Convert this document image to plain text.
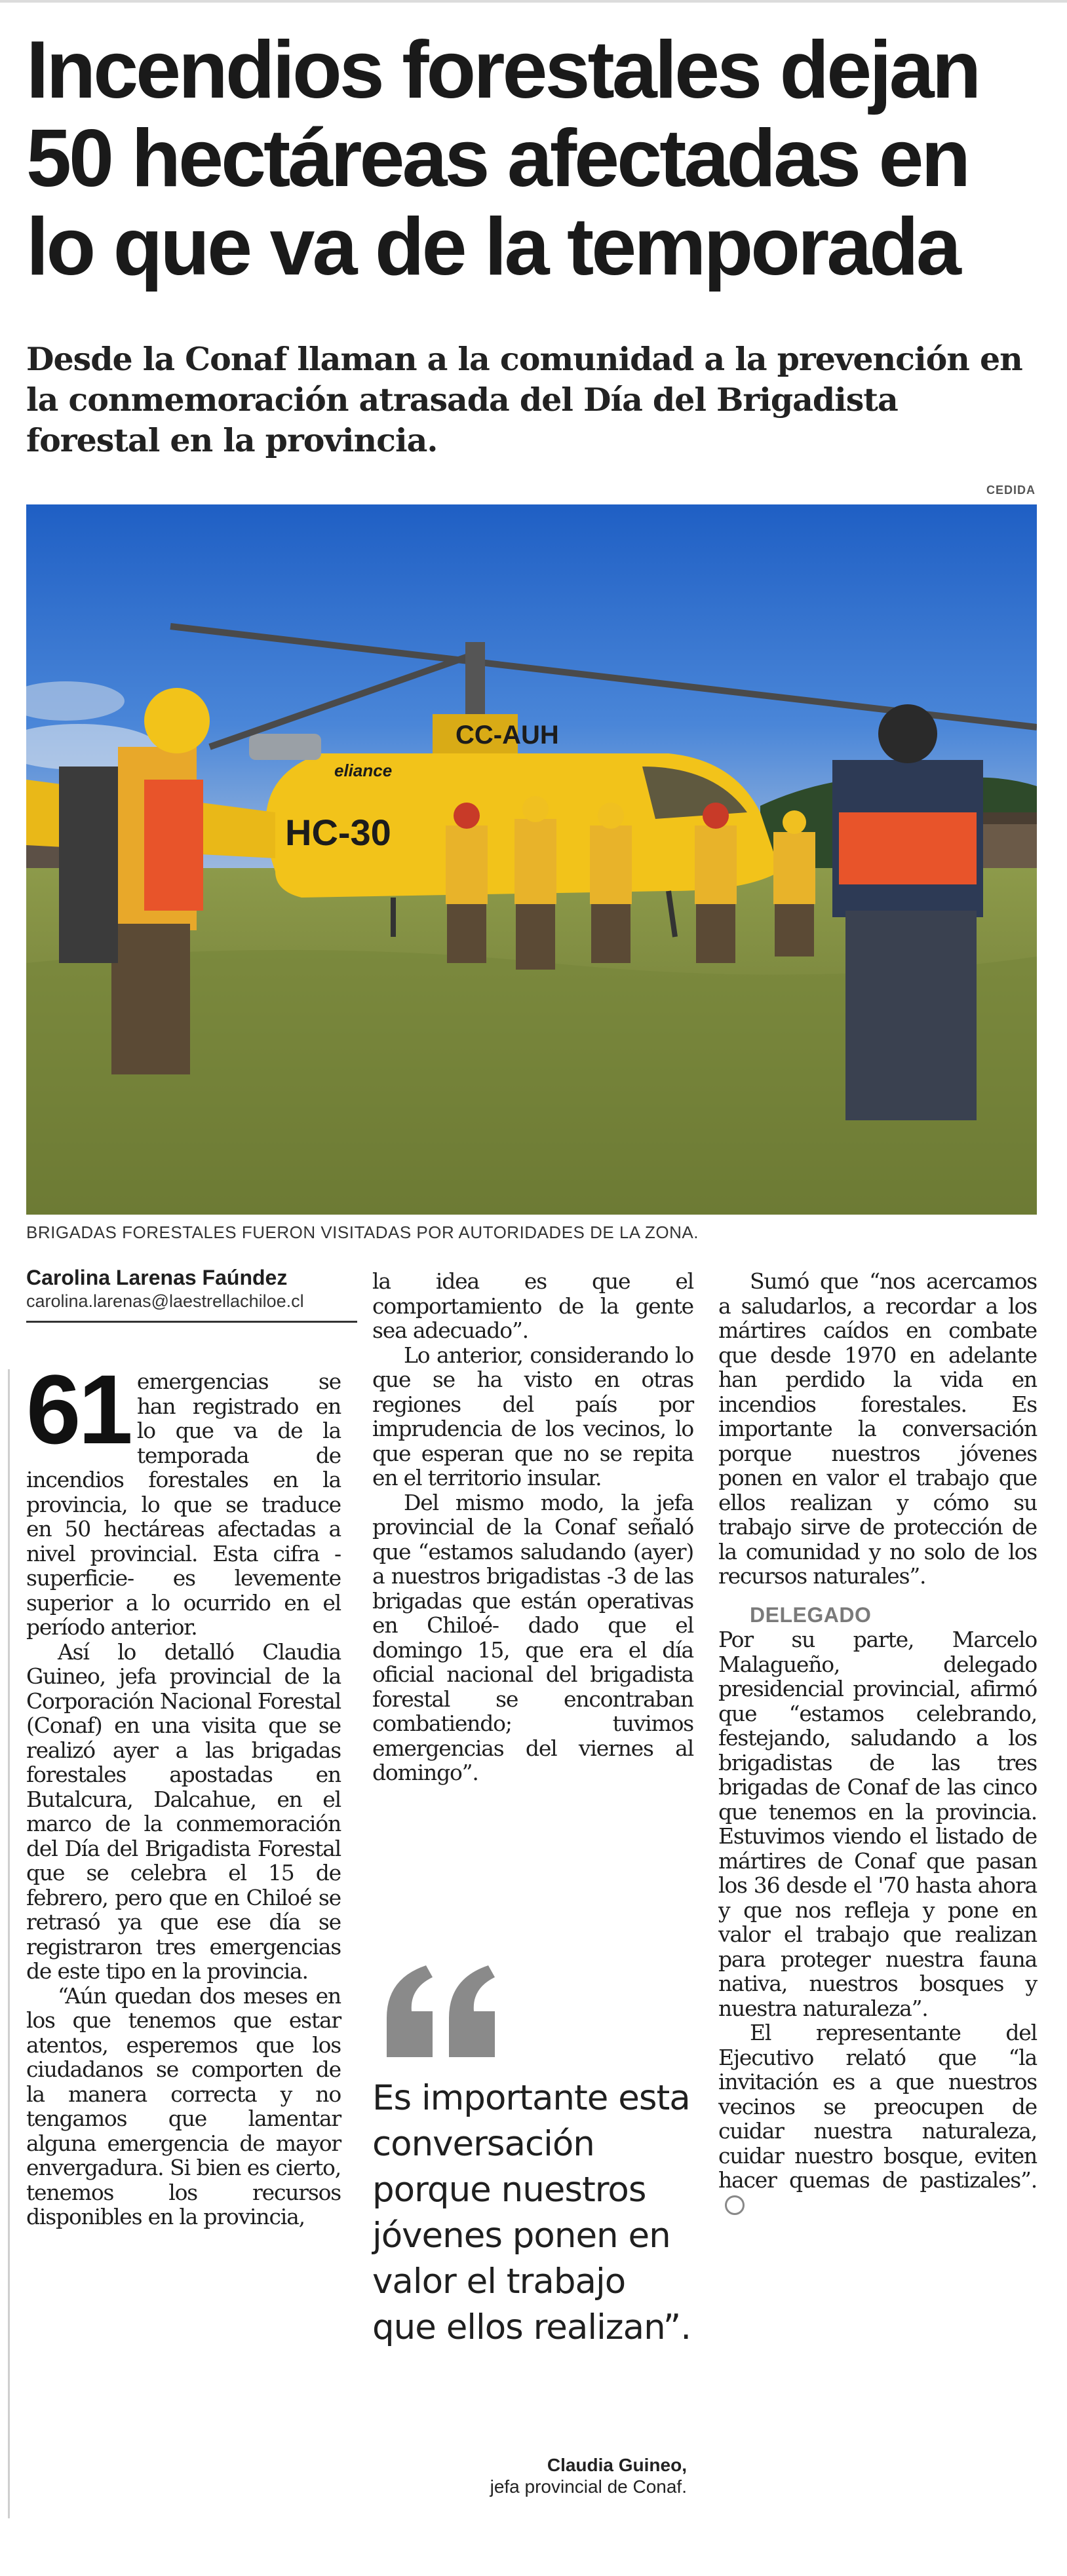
Incendios forestales dejan 50 hectáreas afectadas en lo que va de la temporada
Desde la Conaf llaman a la comunidad a la prevención en la conmemoración atrasada del Día del Brigadista forestal en la provincia.
CEDIDA
CC-AUH
HC-30
eliance
BRIGADAS FORESTALES FUERON VISITADAS POR AUTORIDADES DE LA ZONA.
Carolina Larenas Faúndez
carolina.larenas@laestrellachiloe.cl
61 emergencias se han registrado en lo que va de la temporada de incendios forestales en la provincia, lo que se traduce en 50 hectáreas afectadas a nivel provincial. Esta cifra -superficie- es levemente superior a lo ocurrido en el período anterior.

Así lo detalló Claudia Guineo, jefa provincial de la Corporación Nacional Forestal (Conaf) en una visita que se realizó ayer a las brigadas forestales apostadas en Butalcura, Dalcahue, en el marco de la conmemoración del Día del Brigadista Forestal que se celebra el 15 de febrero, pero que en Chiloé se retrasó ya que ese día se registraron tres emergencias de este tipo en la provincia.

“Aún quedan dos meses en los que tenemos que estar atentos, esperemos que los ciudadanos se comporten de la manera correcta y no tengamos que lamentar alguna emergencia de mayor envergadura. Si bien es cierto, tenemos los recursos disponibles en la provincia,

la idea es que el comportamiento de la gente sea adecuado”.

Lo anterior, considerando lo que se ha visto en otras regiones del país por imprudencia de los vecinos, lo que esperan que no se repita en el territorio insular.

Del mismo modo, la jefa provincial de la Conaf señaló que “estamos saludando (ayer) a nuestros brigadistas -3 de las brigadas que están operativas en Chiloé- dado que el domingo 15, que era el día oficial nacional del brigadista forestal se encontraban combatiendo; tuvimos emergencias del viernes al domingo”.

Es importante esta conversación porque nuestros jóvenes ponen en valor el trabajo que ellos realizan”.
Claudia Guineo,
jefa provincial de Conaf.

Sumó que “nos acercamos a saludarlos, a recordar a los mártires caídos en combate que desde 1970 en adelante han perdido la vida en incendios forestales. Es importante la conversación porque nuestros jóvenes ponen en valor el trabajo que ellos realizan y cómo su trabajo sirve de protección de la comunidad y no solo de los recursos naturales”.

DELEGADO

Por su parte, Marcelo Malagueño, delegado presidencial provincial, afirmó que “estamos celebrando, festejando, saludando a los brigadistas de las tres brigadas de Conaf de las cinco que tenemos en la provincia. Estuvimos viendo el listado de mártires de Conaf que pasan los 36 desde el '70 hasta ahora y que nos refleja y pone en valor el trabajo que realizan para proteger nuestra fauna nativa, nuestros bosques y nuestra naturaleza”.

El representante del Ejecutivo relató que “la invitación es a que nuestros vecinos se preocupen de cuidar nuestra naturaleza, cuidar nuestro bosque, eviten hacer quemas de pastizales”.
